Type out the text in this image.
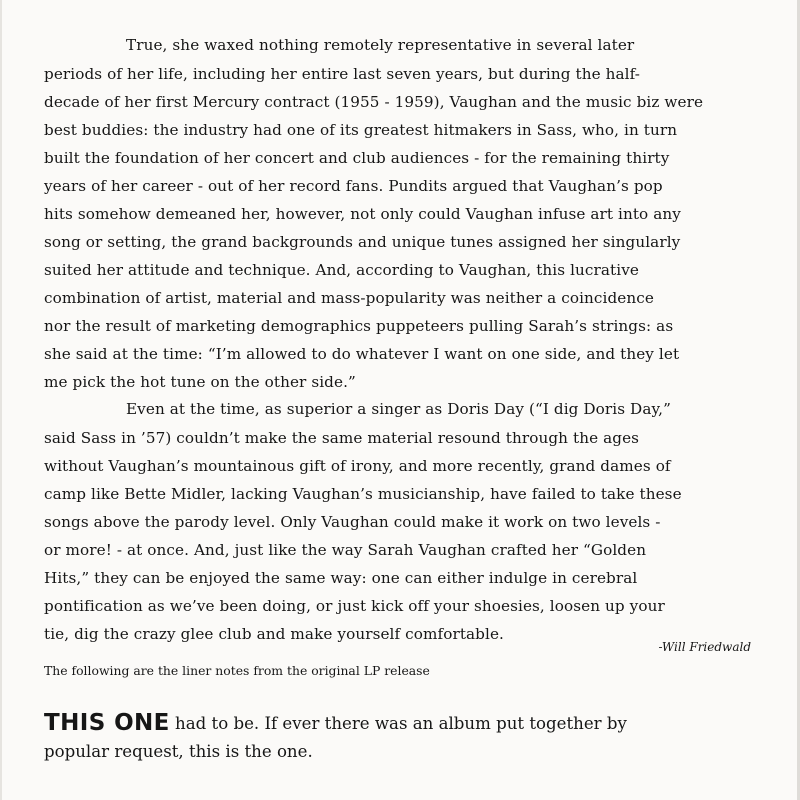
True, she waxed nothing remotely representative in several later
periods of her life, including her entire last seven years, but during the half-
decade of her first Mercury contract (1955 - 1959), Vaughan and the music biz were
best buddies: the industry had one of its greatest hitmakers in Sass, who, in turn
built the foundation of her concert and club audiences - for the remaining thirty
years of her career - out of her record fans. Pundits argued that Vaughan’s pop
hits somehow demeaned her, however, not only could Vaughan infuse art into any
song or setting, the grand backgrounds and unique tunes assigned her singularly
suited her attitude and technique. And, according to Vaughan, this lucrative
combination of artist, material and mass-popularity was neither a coincidence
nor the result of marketing demographics puppeteers pulling Sarah’s strings: as
she said at the time: “I’m allowed to do whatever I want on one side, and they let
me pick the hot tune on the other side.”
Even at the time, as superior a singer as Doris Day (“I dig Doris Day,”
said Sass in ’57) couldn’t make the same material resound through the ages
without Vaughan’s mountainous gift of irony, and more recently, grand dames of
camp like Bette Midler, lacking Vaughan’s musicianship, have failed to take these
songs above the parody level. Only Vaughan could make it work on two levels -
or more! - at once. And, just like the way Sarah Vaughan crafted her “Golden
Hits,” they can be enjoyed the same way: one can either indulge in cerebral
pontification as we’ve been doing, or just kick off your shoesies, loosen up your
tie, dig the crazy glee club and make yourself comfortable.
-Will Friedwald
The following are the liner notes from the original LP release
THIS ONE had to be. If ever there was an album put together by
popular request, this is the one.
